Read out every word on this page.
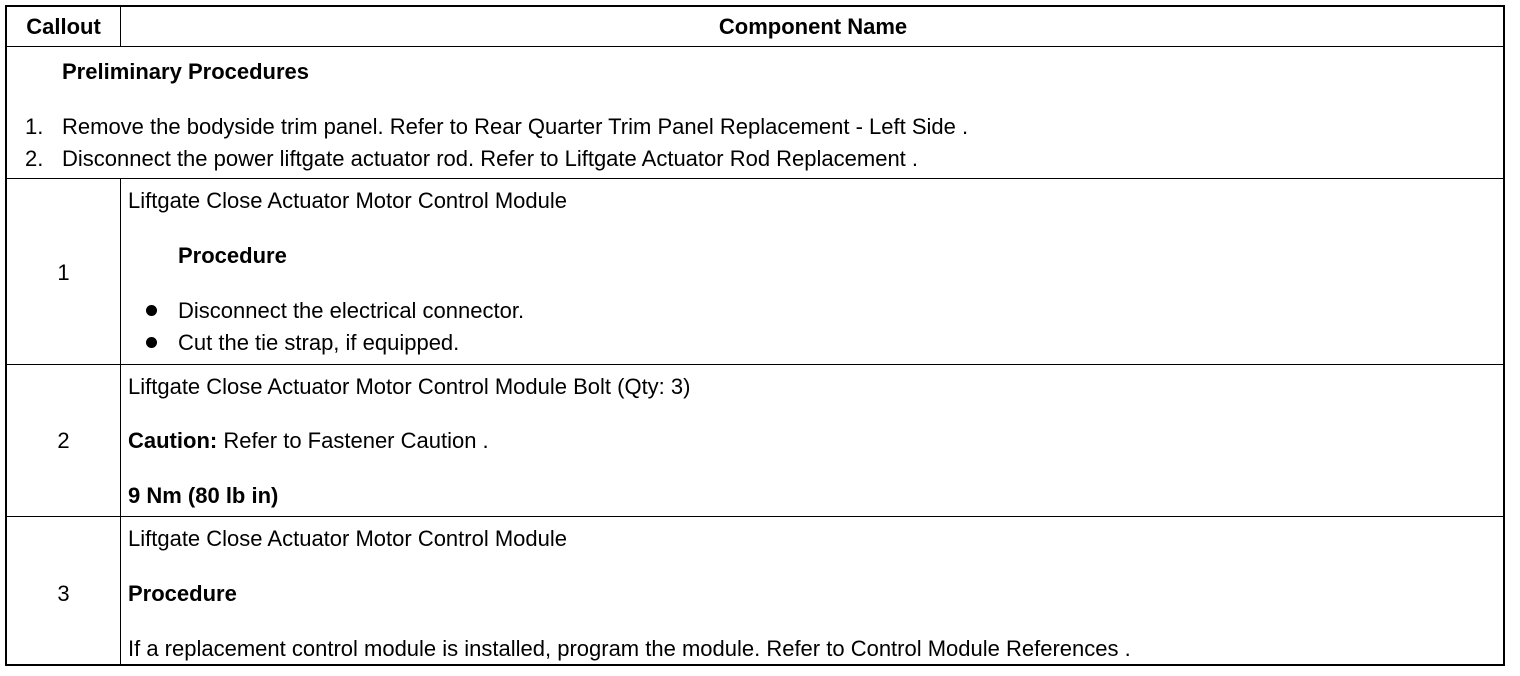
Callout	Component Name
Preliminary Procedures
1. Remove the bodyside trim panel. Refer to Rear Quarter Trim Panel Replacement - Left Side .
2. Disconnect the power liftgate actuator rod. Refer to Liftgate Actuator Rod Replacement .
1
Liftgate Close Actuator Motor Control Module
Procedure
Disconnect the electrical connector.
Cut the tie strap, if equipped.
2
Liftgate Close Actuator Motor Control Module Bolt (Qty: 3)
Caution: Refer to Fastener Caution .
9 Nm (80 lb in)
3
Liftgate Close Actuator Motor Control Module
Procedure
If a replacement control module is installed, program the module. Refer to Control Module References .
